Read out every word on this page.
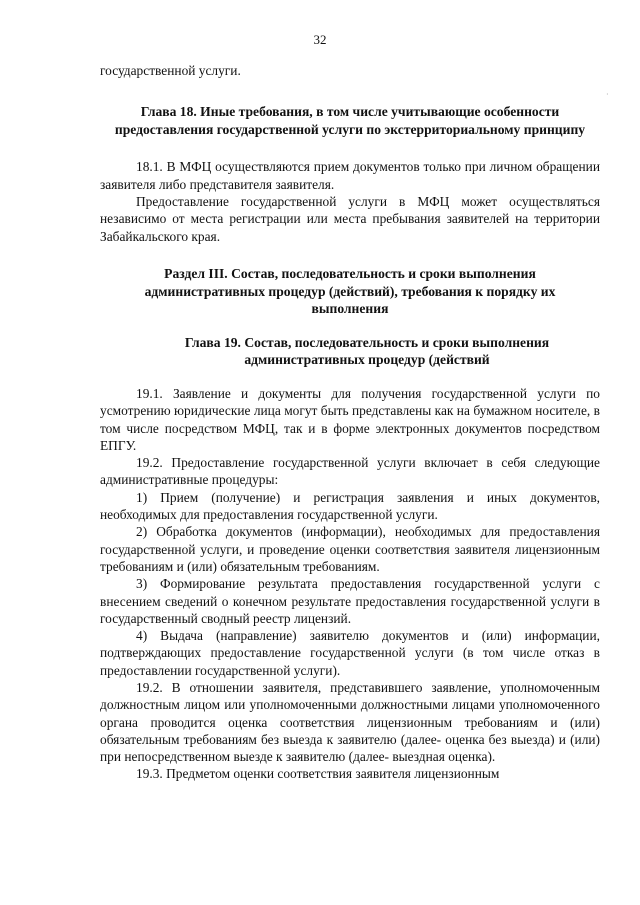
32
·

государственной услуги.

Глава 18. Иные требования, в том числе учитывающие особенности предоставления государственной услуги по экстерриториальному принципу

18.1. В МФЦ осуществляются прием документов только при личном обращении заявителя либо представителя заявителя.

Предоставление государственной услуги в МФЦ может осуществляться независимо от места регистрации или места пребывания заявителей на территории Забайкальского края.

Раздел III. Состав, последовательность и сроки выполнения административных процедур (действий), требования к порядку их выполнения
Глава 19. Состав, последовательность и сроки выполнения административных процедур (действий

19.1. Заявление и документы для получения государственной услуги по усмотрению юридические лица могут быть представлены как на бумажном носителе, в том числе посредством МФЦ, так и в форме электронных документов посредством ЕПГУ.

19.2. Предоставление государственной услуги включает в себя следующие административные процедуры:

1) Прием (получение) и регистрация заявления и иных документов, необходимых для предоставления государственной услуги.

2) Обработка документов (информации), необходимых для предоставления государственной услуги, и проведение оценки соответствия заявителя лицензионным требованиям и (или) обязательным требованиям.

3) Формирование результата предоставления государственной услуги с внесением сведений о конечном результате предоставления государственной услуги в государственный сводный реестр лицензий.

4) Выдача (направление) заявителю документов и (или) информации, подтверждающих предоставление государственной услуги (в том числе отказ в предоставлении государственной услуги).

19.2. В отношении заявителя, представившего заявление, уполномоченным должностным лицом или уполномоченными должностными лицами уполномоченного органа проводится оценка соответствия лицензионным требованиям и (или) обязательным требованиям без выезда к заявителю (далее- оценка без выезда) и (или) при непосредственном выезде к заявителю (далее- выездная оценка).

19.3. Предметом оценки соответствия заявителя лицензионным
